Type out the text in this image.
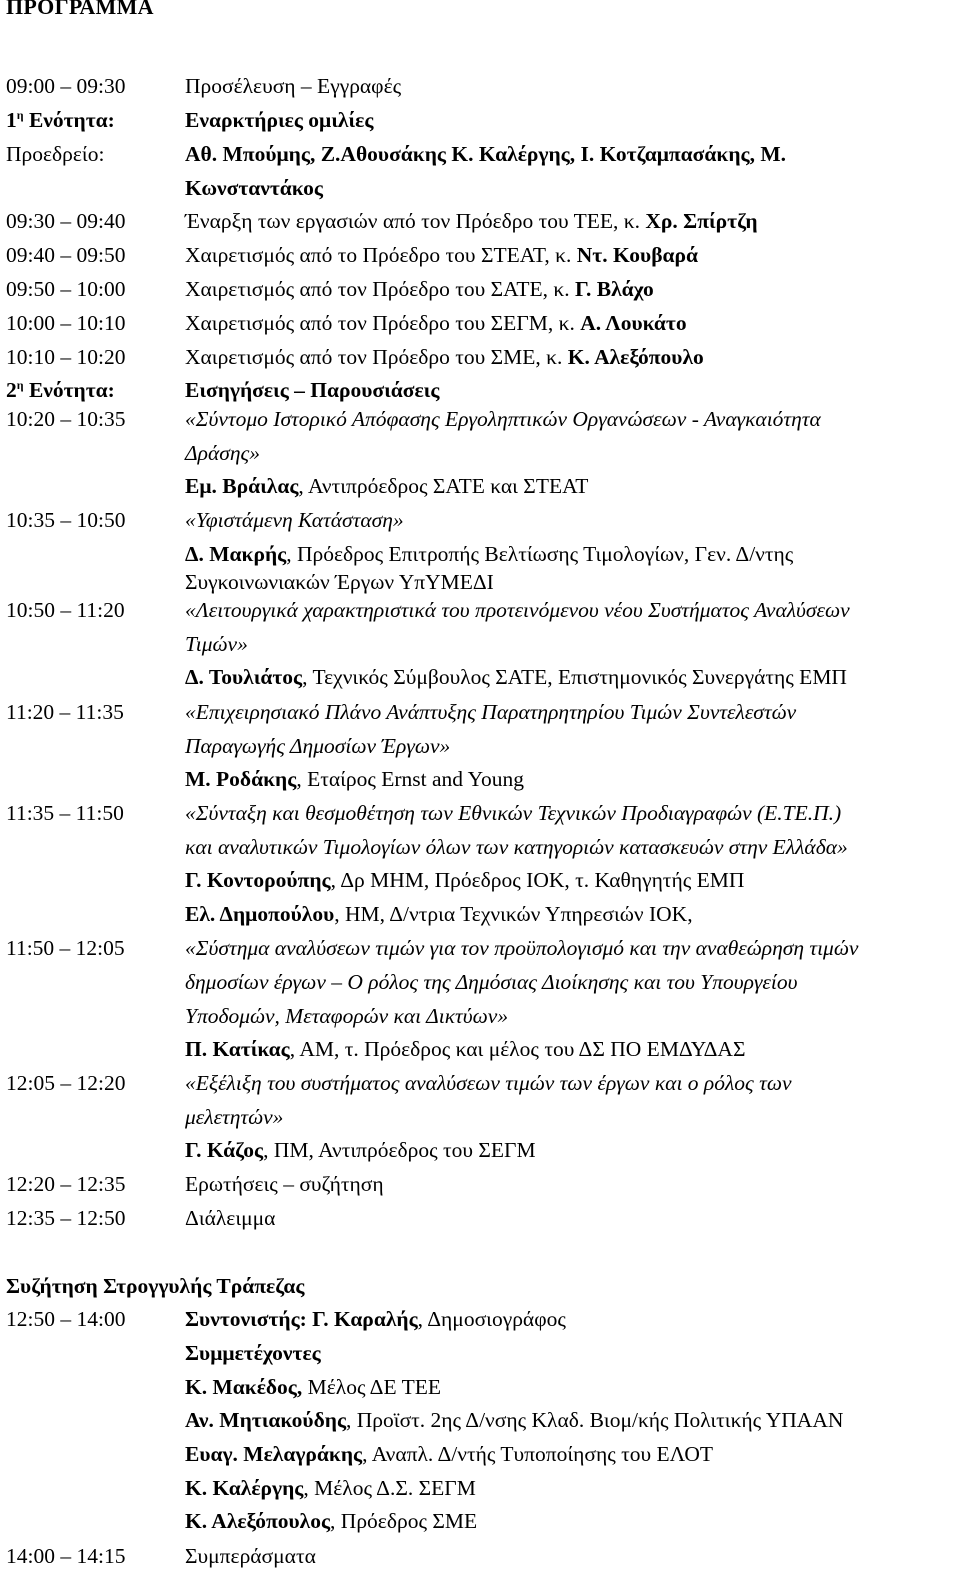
ΠΡΟΓΡΑΜΜΑ
09:00 – 09:30	Προσέλευση – Εγγραφές
$1^\eta$ Ενότητα:	Εναρκτήριες ομιλίες
Προεδρείο:	Αθ. Μπούμης, Ζ.Αθουσάκης Κ. Καλέργης, Ι. Κοτζαμπασάκης, Μ.
Κωνσταντάκος
09:30 – 09:40	Έναρξη των εργασιών από τον Πρόεδρο του ΤΕΕ, κ. Χρ. Σπίρτζη
09:40 – 09:50	Χαιρετισμός από το Πρόεδρο του ΣΤΕΑΤ, κ. Ντ. Κουβαρά
09:50 – 10:00	Χαιρετισμός από τον Πρόεδρο του ΣΑΤΕ, κ. Γ. Βλάχο
10:00 – 10:10	Χαιρετισμός από τον Πρόεδρο του ΣΕΓΜ, κ. Α. Λουκάτο
10:10 – 10:20	Χαιρετισμός από τον Πρόεδρο του ΣΜΕ, κ. Κ. Αλεξόπουλο
$2^\eta$ Ενότητα:	Εισηγήσεις – Παρουσιάσεις
10:20 – 10:35	«Σύντομο Ιστορικό Απόφασης Εργοληπτικών Οργανώσεων - Αναγκαιότητα
Δράσης»
Εμ. Βράιλας, Αντιπρόεδρος ΣΑΤΕ και ΣΤΕΑΤ
10:35 – 10:50	«Υφιστάμενη Κατάσταση»
Δ. Μακρής, Πρόεδρος Επιτροπής Βελτίωσης Τιμολογίων, Γεν. Δ/ντης
Συγκοινωνιακών Έργων ΥπΥΜΕΔΙ
10:50 – 11:20	«Λειτουργικά χαρακτηριστικά του προτεινόμενου νέου Συστήματος Αναλύσεων
Τιμών»
Δ. Τουλιάτος, Τεχνικός Σύμβουλος ΣΑΤΕ, Επιστημονικός Συνεργάτης ΕΜΠ
11:20 – 11:35	«Επιχειρησιακό Πλάνο Ανάπτυξης Παρατηρητηρίου Τιμών Συντελεστών
Παραγωγής Δημοσίων Έργων»
Μ. Ροδάκης, Εταίρος Ernst and Young
11:35 – 11:50	«Σύνταξη και θεσμοθέτηση των Εθνικών Τεχνικών Προδιαγραφών (Ε.ΤΕ.Π.)
και αναλυτικών Τιμολογίων όλων των κατηγοριών κατασκευών στην Ελλάδα»
Γ. Κοντορούπης, Δρ ΜΗΜ, Πρόεδρος ΙΟΚ, τ. Καθηγητής ΕΜΠ
Ελ. Δημοπούλου, ΗΜ, Δ/ντρια Τεχνικών Υπηρεσιών ΙΟΚ,
11:50 – 12:05	«Σύστημα αναλύσεων τιμών για τον προϋπολογισμό και την αναθεώρηση τιμών
δημοσίων έργων – Ο ρόλος της Δημόσιας Διοίκησης και του Υπουργείου
Υποδομών, Μεταφορών και Δικτύων»
Π. Κατίκας, ΑΜ, τ. Πρόεδρος και μέλος του ΔΣ ΠΟ ΕΜΔΥΔΑΣ
12:05 – 12:20	«Εξέλιξη του συστήματος αναλύσεων τιμών των έργων και ο ρόλος των
μελετητών»
Γ. Κάζος, ΠΜ, Αντιπρόεδρος του ΣΕΓΜ
12:20 – 12:35	Ερωτήσεις – συζήτηση
12:35 – 12:50	Διάλειμμα
Συζήτηση Στρογγυλής Τράπεζας
12:50 – 14:00	Συντονιστής: Γ. Καραλής, Δημοσιογράφος
Συμμετέχοντες
Κ. Μακέδος, Μέλος ΔΕ ΤΕΕ
Αν. Μητιακούδης, Προϊστ. 2ης Δ/νσης Κλαδ. Βιομ/κής Πολιτικής ΥΠΑΑΝ
Ευαγ. Μελαγράκης, Αναπλ. Δ/ντής Τυποποίησης του ΕΛΟΤ
Κ. Καλέργης, Μέλος Δ.Σ. ΣΕΓΜ
Κ. Αλεξόπουλος, Πρόεδρος ΣΜΕ
14:00 – 14:15	Συμπεράσματα
